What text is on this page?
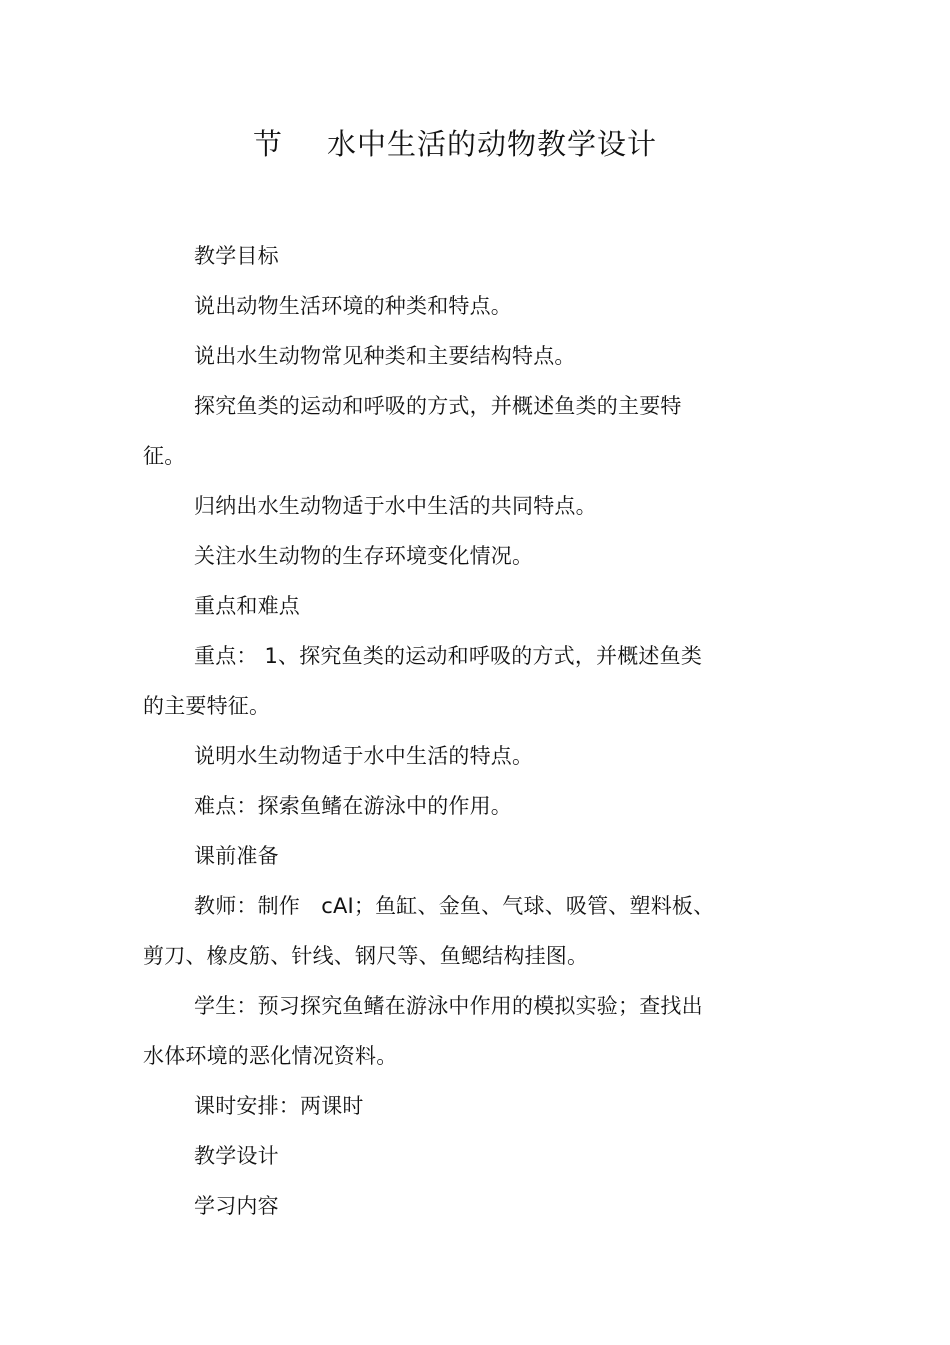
节 水中生活的动物教学设计
教学目标
说出动物生活环境的种类和特点。
说出水生动物常见种类和主要结构特点。
探究鱼类的运动和呼吸的方式，并概述鱼类的主要特
征。
归纳出水生动物适于水中生活的共同特点。
关注水生动物的生存环境变化情况。
重点和难点
重点： 1、探究鱼类的运动和呼吸的方式，并概述鱼类
的主要特征。
说明水生动物适于水中生活的特点。
难点：探索鱼鳍在游泳中的作用。
课前准备
教师：制作　cAI；鱼缸、金鱼、气球、吸管、塑料板、
剪刀、橡皮筋、针线、钢尺等、鱼鳃结构挂图。
学生：预习探究鱼鳍在游泳中作用的模拟实验；查找出
水体环境的恶化情况资料。
课时安排：两课时
教学设计
学习内容
